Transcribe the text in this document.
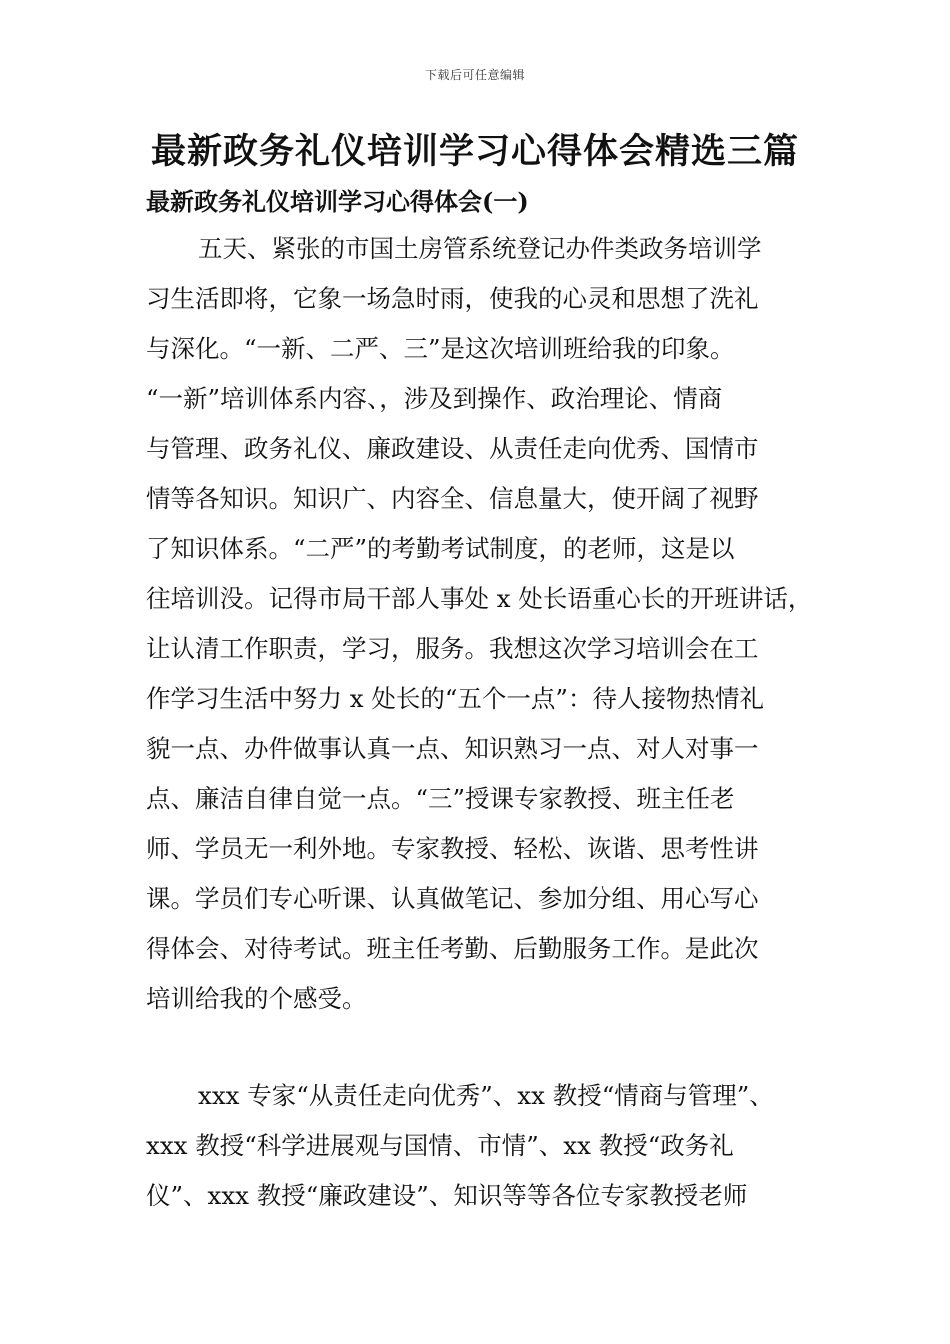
下载后可任意编辑
最新政务礼仪培训学习心得体会精选三篇
最新政务礼仪培训学习心得体会(一)
五天、紧张的市国土房管系统登记办件类政务培训学
习生活即将，它象一场急时雨，使我的心灵和思想了洗礼
与深化。“一新、二严、三”是这次培训班给我的印象。
“一新”培训体系内容、，涉及到操作、政治理论、情商
与管理、政务礼仪、廉政建设、从责任走向优秀、国情市
情等各知识。知识广、内容全、信息量大，使开阔了视野
了知识体系。“二严”的考勤考试制度，的老师，这是以
往培训没。记得市局干部人事处 x 处长语重心长的开班讲话，
让认清工作职责，学习，服务。我想这次学习培训会在工
作学习生活中努力 x 处长的“五个一点”：待人接物热情礼
貌一点、办件做事认真一点、知识熟习一点、对人对事一
点、廉洁自律自觉一点。“三”授课专家教授、班主任老
师、学员无一利外地。专家教授、轻松、诙谐、思考性讲
课。学员们专心听课、认真做笔记、参加分组、用心写心
得体会、对待考试。班主任考勤、后勤服务工作。是此次
培训给我的个感受。
xxx 专家“从责任走向优秀”、xx 教授“情商与管理”、
xxx 教授“科学进展观与国情、市情”、xx 教授“政务礼
仪”、xxx 教授“廉政建设”、知识等等各位专家教授老师
